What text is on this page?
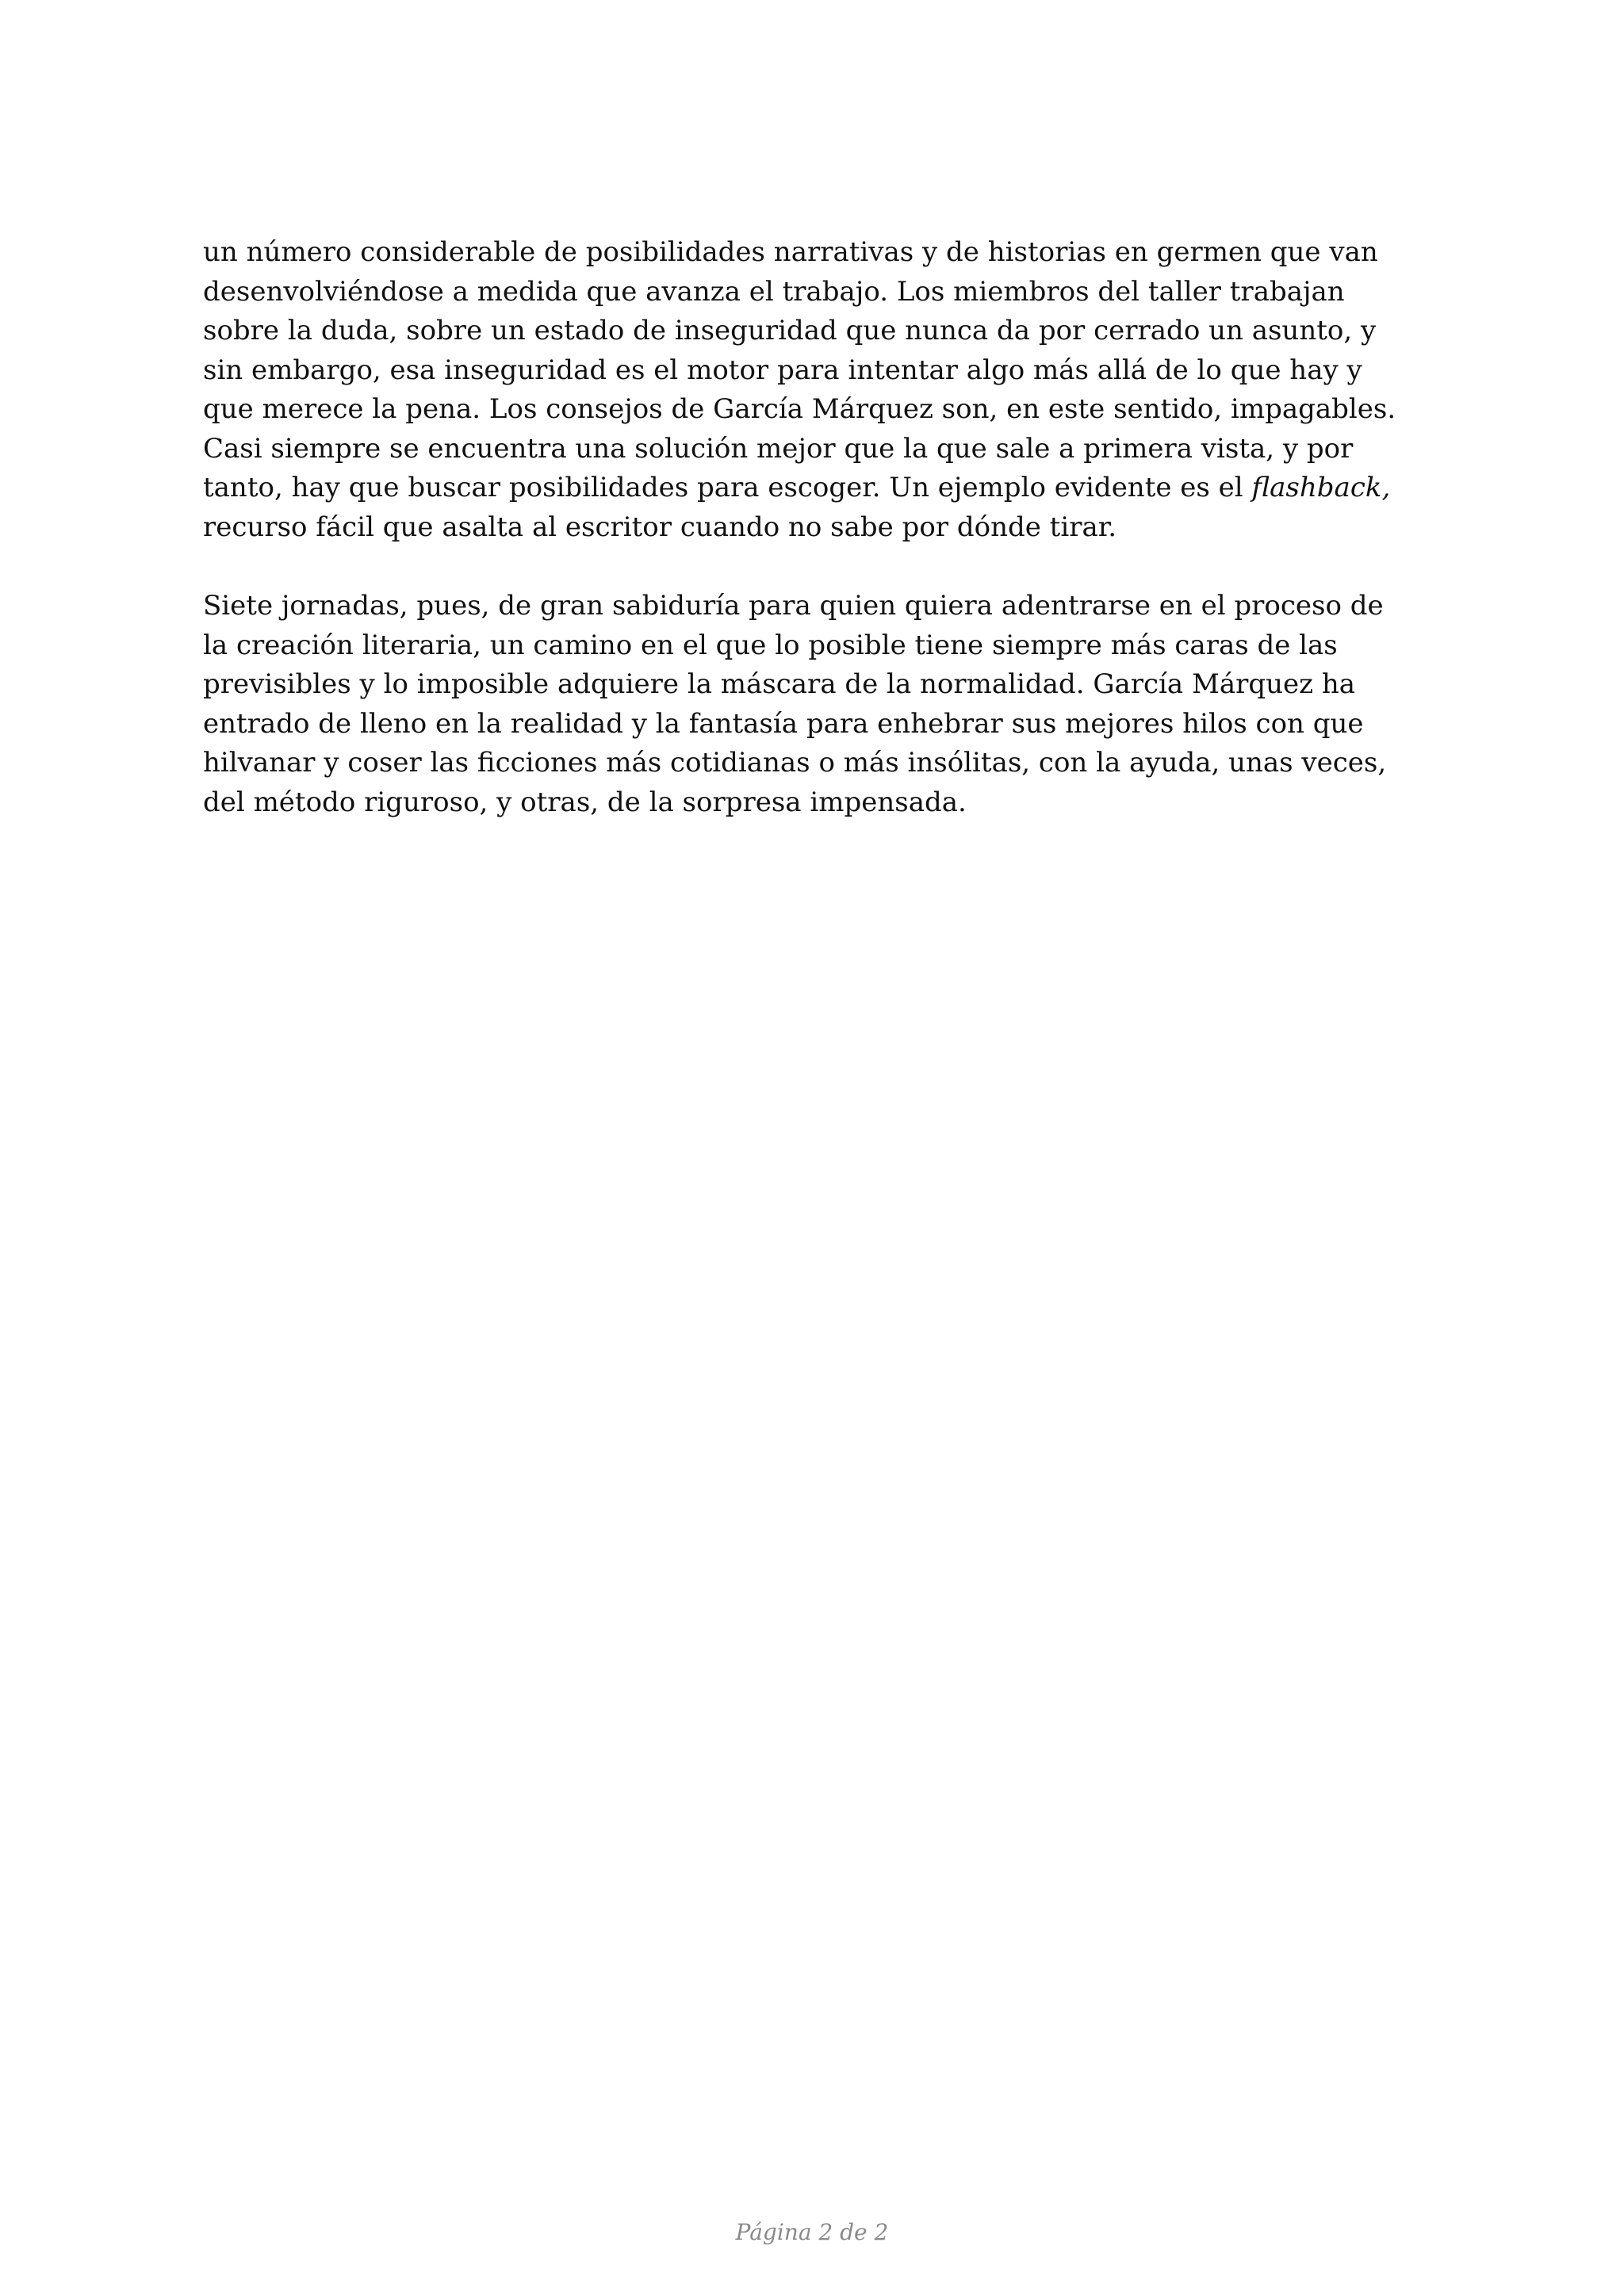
un número considerable de posibilidades narrativas y de historias en germen que van
desenvolviéndose a medida que avanza el trabajo. Los miembros del taller trabajan
sobre la duda, sobre un estado de inseguridad que nunca da por cerrado un asunto, y
sin embargo, esa inseguridad es el motor para intentar algo más allá de lo que hay y
que merece la pena. Los consejos de García Márquez son, en este sentido, impagables.
Casi siempre se encuentra una solución mejor que la que sale a primera vista, y por
tanto, hay que buscar posibilidades para escoger. Un ejemplo evidente es el flashback,
recurso fácil que asalta al escritor cuando no sabe por dónde tirar.

Siete jornadas, pues, de gran sabiduría para quien quiera adentrarse en el proceso de
la creación literaria, un camino en el que lo posible tiene siempre más caras de las
previsibles y lo imposible adquiere la máscara de la normalidad. García Márquez ha
entrado de lleno en la realidad y la fantasía para enhebrar sus mejores hilos con que
hilvanar y coser las ficciones más cotidianas o más insólitas, con la ayuda, unas veces,
del método riguroso, y otras, de la sorpresa impensada.

Página 2 de 2
